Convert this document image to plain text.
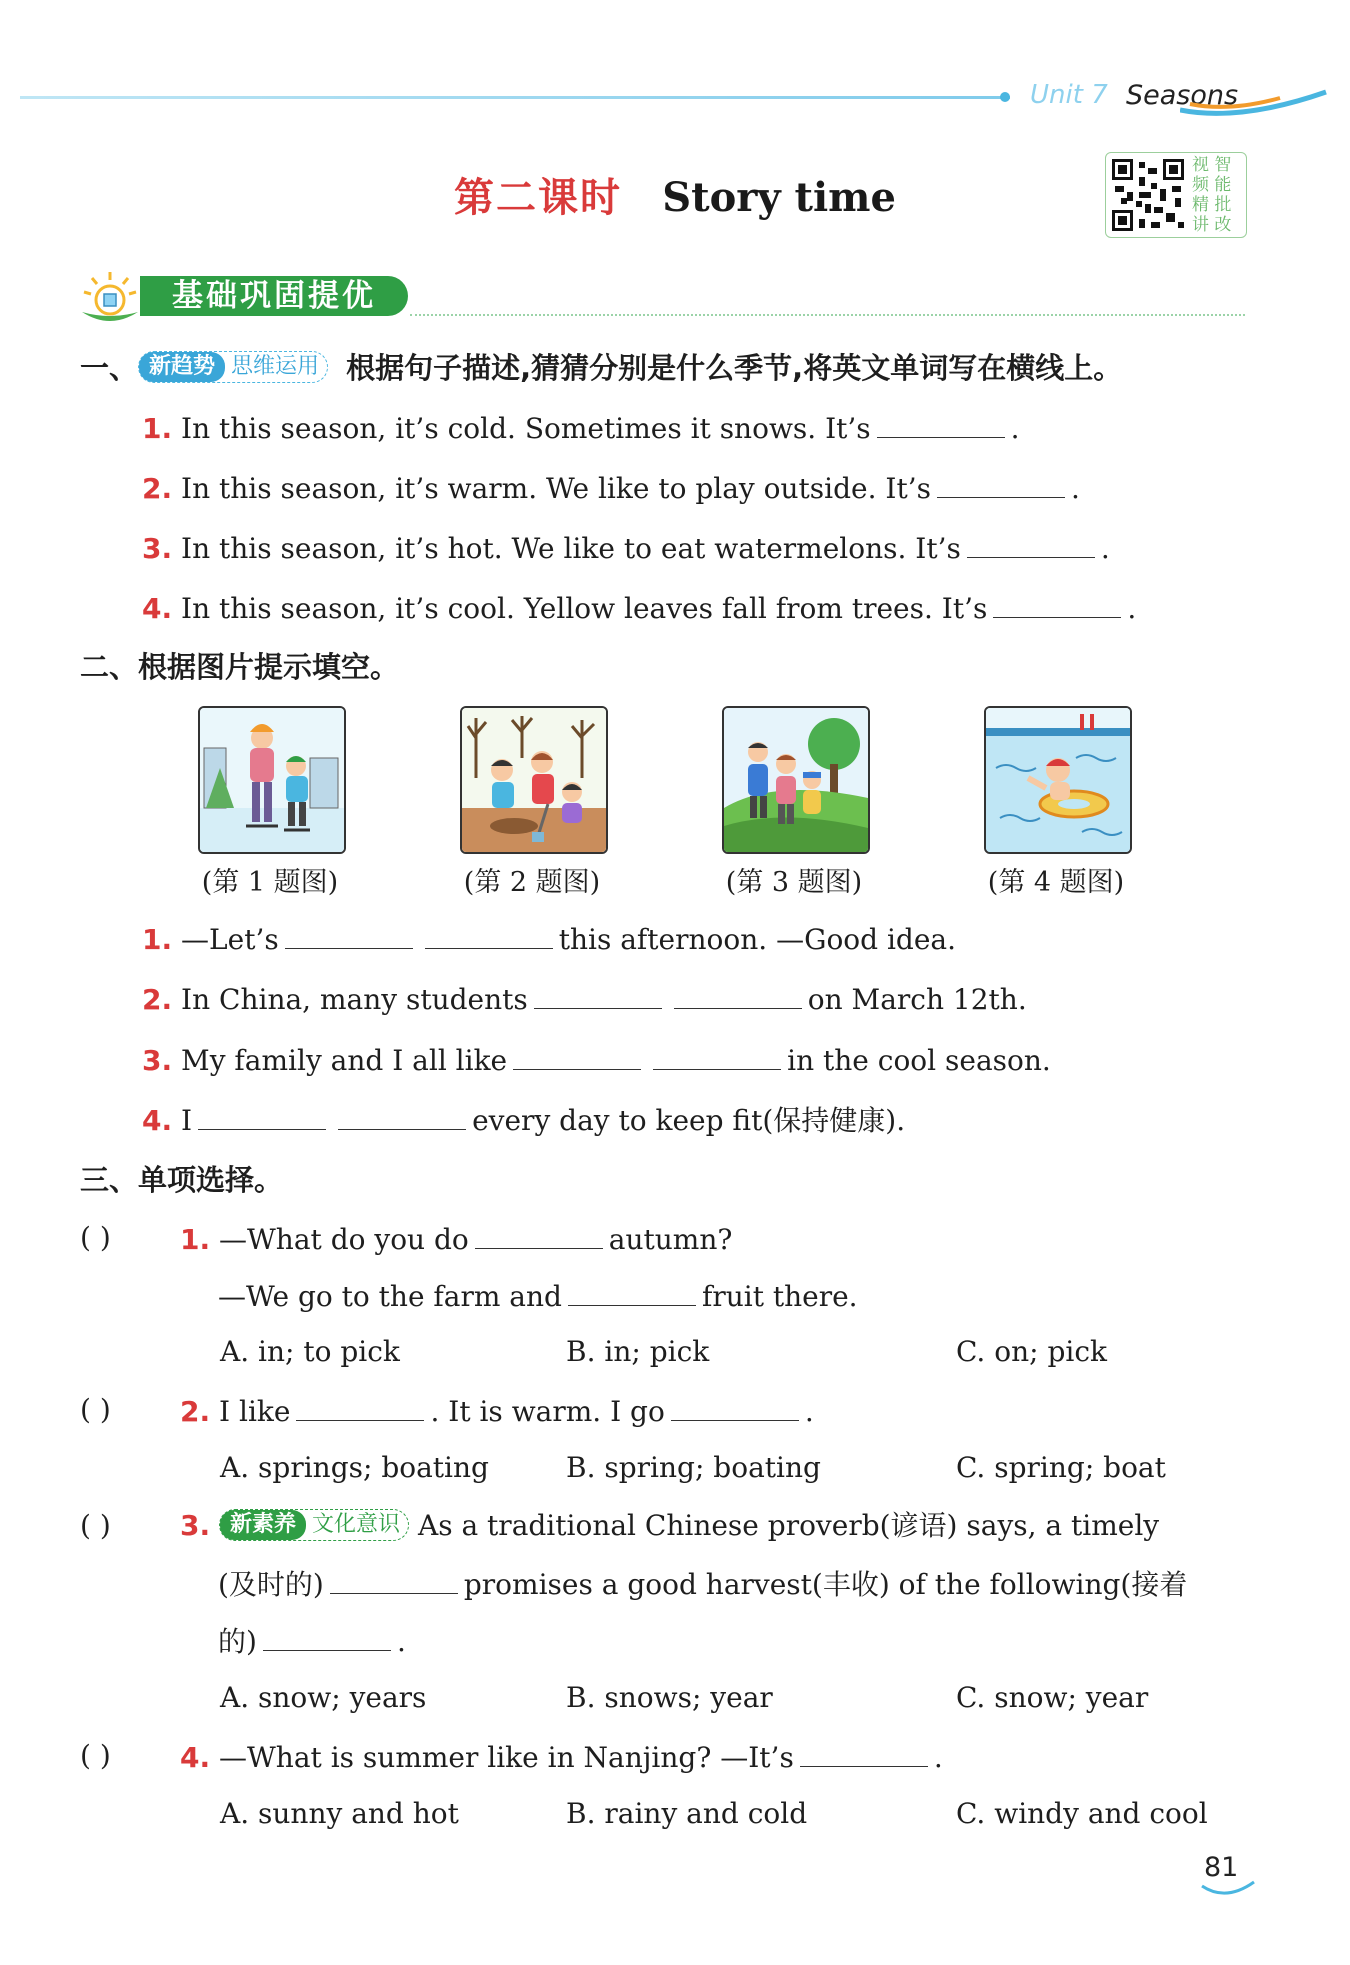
Unit 7 Seasons
第二课时 Story time
视 智
频 能
精 批
讲 改
基础巩固提优
一、 新趋势 思维运用 根据句子描述,猜猜分别是什么季节,将英文单词写在横线上。
1. In this season, it’s cold. Sometimes it snows. It’s	.
2. In this season, it’s warm. We like to play outside. It’s	.
3. In this season, it’s hot. We like to eat watermelons. It’s	.
4. In this season, it’s cool. Yellow leaves fall from trees. It’s	.
二、根据图片提示填空。
(第 1 题图)	(第 2 题图)	(第 3 题图)	(第 4 题图)
1. —Let’s	this afternoon. —Good idea.
2. In China, many students	on March 12th.
3. My family and I all like	in the cool season.
4. I	every day to keep fit(保持健康).
三、单项选择。
( ) 1. —What do you do	autumn?
—We go to the farm and	fruit there.
A. in; to pick	B. in; pick	C. on; pick
( ) 2. I like	. It is warm. I go	.
A. springs; boating	B. spring; boating	C. spring; boat
( ) 3. 新素养 文化意识 As a traditional Chinese proverb(谚语) says, a timely
(及时的)	promises a good harvest(丰收) of the following(接着
的)	.
A. snow; years	B. snows; year	C. snow; year
( ) 4. —What is summer like in Nanjing? —It’s	.
A. sunny and hot	B. rainy and cold	C. windy and cool
81
